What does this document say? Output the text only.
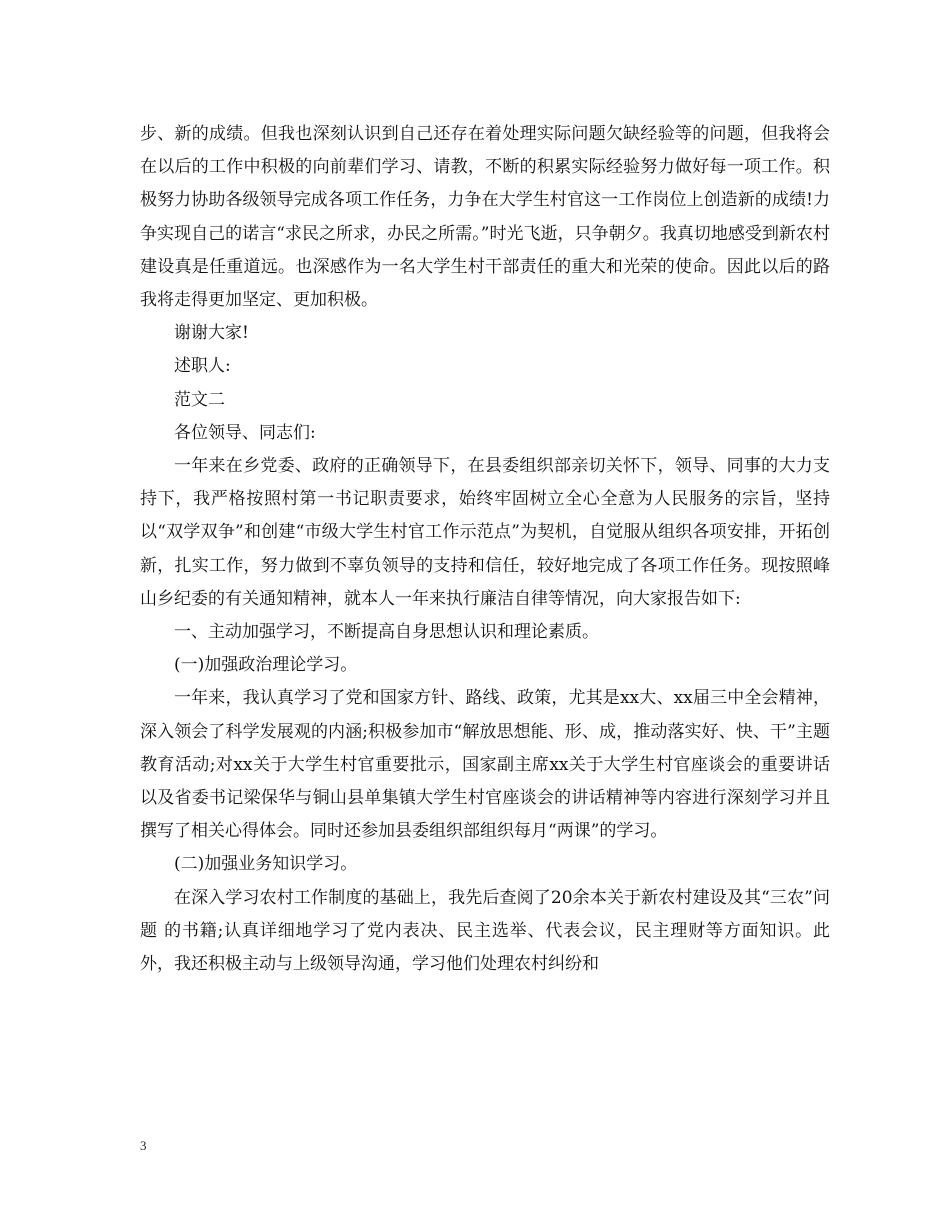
步、新的成绩。但我也深刻认识到自己还存在着处理实际问题欠缺经验等的问题，但我将会在以后的工作中积极的向前辈们学习、请教，不断的积累实际经验努力做好每一项工作。积极努力协助各级领导完成各项工作任务，力争在大学生村官这一工作岗位上创造新的成绩!力争实现自己的诺言“求民之所求，办民之所需。”时光飞逝，只争朝夕。我真切地感受到新农村建设真是任重道远。也深感作为一名大学生村干部责任的重大和光荣的使命。因此以后的路我将走得更加坚定、更加积极。

谢谢大家!

述职人:

范文二

各位领导、同志们:

一年来在乡党委、政府的正确领导下，在县委组织部亲切关怀下，领导、同事的大力支持下，我严格按照村第一书记职责要求，始终牢固树立全心全意为人民服务的宗旨，坚持以“双学双争”和创建“市级大学生村官工作示范点”为契机，自觉服从组织各项安排，开拓创新，扎实工作，努力做到不辜负领导的支持和信任，较好地完成了各项工作任务。现按照峰山乡纪委的有关通知精神，就本人一年来执行廉洁自律等情况，向大家报告如下:

一、主动加强学习，不断提高自身思想认识和理论素质。

(一)加强政治理论学习。

一年来，我认真学习了党和国家方针、路线、政策，尤其是xx大、xx届三中全会精神，深入领会了科学发展观的内涵;积极参加市“解放思想能、形、成，推动落实好、快、干”主题教育活动;对xx关于大学生村官重要批示，国家副主席xx关于大学生村官座谈会的重要讲话以及省委书记梁保华与铜山县单集镇大学生村官座谈会的讲话精神等内容进行深刻学习并且撰写了相关心得体会。同时还参加县委组织部组织每月“两课”的学习。

(二)加强业务知识学习。

在深入学习农村工作制度的基础上，我先后查阅了20余本关于新农村建设及其“三农”问题 的书籍;认真详细地学习了党内表决、民主选举、代表会议，民主理财等方面知识。此外，我还积极主动与上级领导沟通，学习他们处理农村纠纷和

3
